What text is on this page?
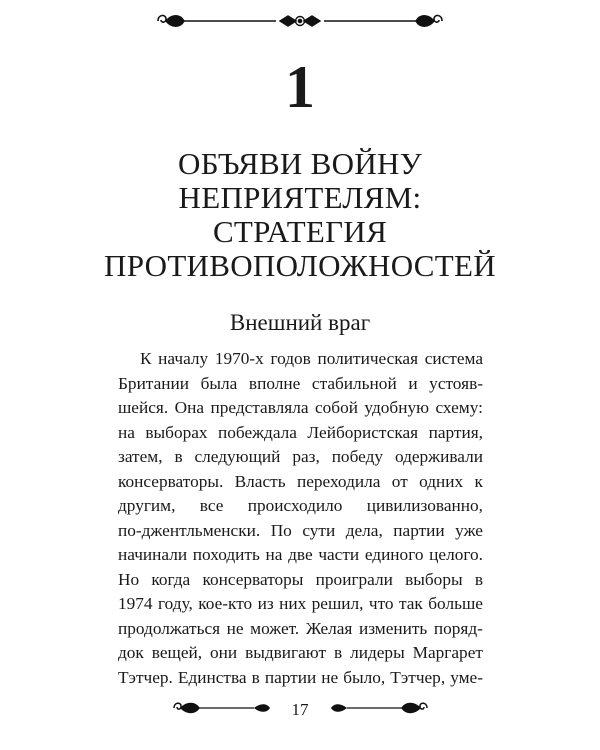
1
ОБЪЯВИ ВОЙНУ
НЕПРИЯТЕЛЯМ:
СТРАТЕГИЯ
ПРОТИВОПОЛОЖНОСТЕЙ
Внешний враг
К началу 1970-х годов политическая система
Британии была вполне стабильной и устояв-
шейся. Она представляла собой удобную схему:
на выборах побеждала Лейбористская партия,
затем, в следующий раз, победу одерживали
консерваторы. Власть переходила от одних к
другим, все происходило цивилизованно,
по-джентльменски. По сути дела, партии уже
начинали походить на две части единого целого.
Но когда консерваторы проиграли выборы в
1974 году, кое-кто из них решил, что так больше
продолжаться не может. Желая изменить поряд-
док вещей, они выдвигают в лидеры Маргарет
Тэтчер. Единства в партии не было, Тэтчер, уме-
17
